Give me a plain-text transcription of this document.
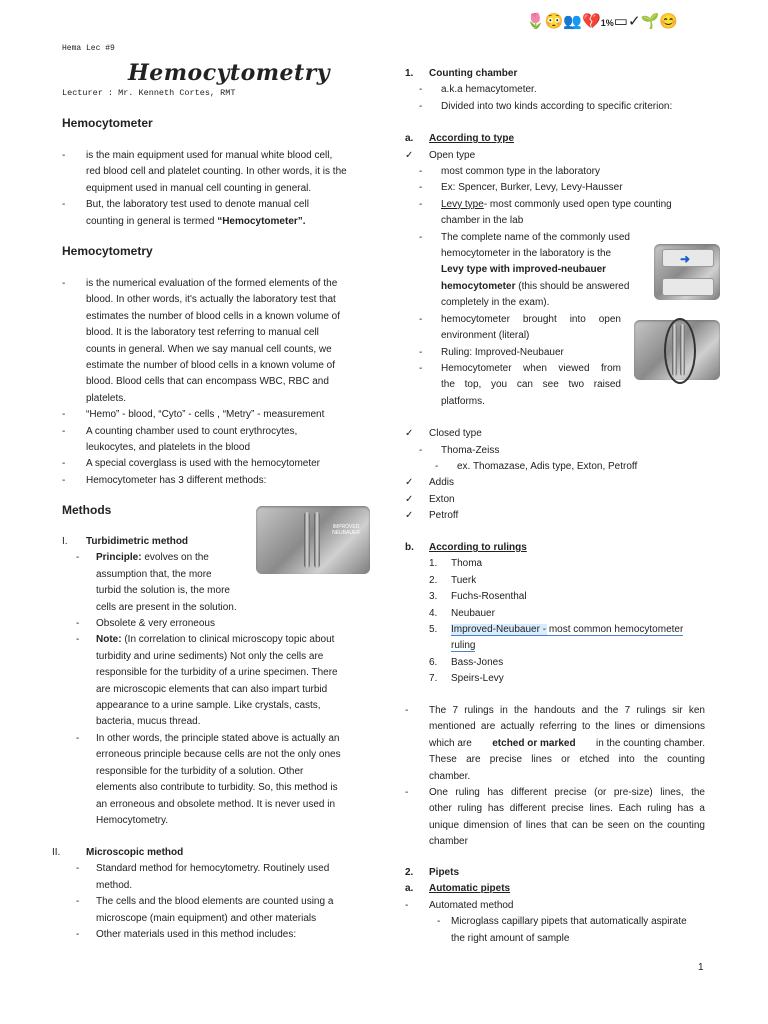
🌷😳👥💔1%▭✓🌱😊
Hema Lec #9
Hemocytometry
Lecturer : Mr. Kenneth Cortes, RMT
Hemocytometer
- is the main equipment used for manual white blood cell,
red blood cell and platelet counting. In other words, it is the
equipment used in manual cell counting in general.
- But, the laboratory test used to denote manual cell
counting in general is termed “Hemocytometer”.
Hemocytometry
- is the numerical evaluation of the formed elements of the
blood. In other words, it's actually the laboratory test that
estimates the number of blood cells in a known volume of
blood. It is the laboratory test referring to manual cell
counts in general. When we say manual cell counts, we
estimate the number of blood cells in a known volume of
blood. Blood cells that can encompass WBC, RBC and
platelets.
- “Hemo” - blood, “Cyto” - cells , “Metry” - measurement
- A counting chamber used to count erythrocytes,
leukocytes, and platelets in the blood
- A special coverglass is used with the hemocytometer
- Hemocytometer has 3 different methods:
Methods
IMPROVED NEUBAUER
I. Turbidimetric method
- Principle: evolves on the
assumption that, the more
turbid the solution is, the more
cells are present in the solution.
- Obsolete & very erroneous
- Note: (In correlation to clinical microscopy topic about
turbidity and urine sediments) Not only the cells are
responsible for the turbidity of a urine specimen. There
are microscopic elements that can also impart turbid
appearance to a urine sample. Like crystals, casts,
bacteria, mucus thread.
- In other words, the principle stated above is actually an
erroneous principle because cells are not the only ones
responsible for the turbidity of a solution. Other
elements also contribute to turbidity. So, this method is
an erroneous and obsolete method. It is never used in
Hemocytometry.
II.	Microscopic method
- Standard method for hemocytometry. Routinely used
method.
- The cells and the blood elements are counted using a
microscope (main equipment) and other materials
- Other materials used in this method includes:
1. Counting chamber
- a.k.a hemacytometer.
- Divided into two kinds according to specific criterion:
a. According to type
✓ Open type
- most common type in the laboratory
- Ex: Spencer, Burker, Levy, Levy-Hausser
- Levy type- most commonly used open type counting
chamber in the lab
- The complete name of the commonly used
hemocytometer in the laboratory is the
Levy type with improved-neubauer
hemocytometer (this should be answered
completely in the exam).
- hemocytometer brought into open
environment (literal)
- Ruling: Improved-Neubauer
- Hemocytometer when viewed from
the top, you can see two raised
platforms.
✓ Closed type
- Thoma-Zeiss
- ex. Thomazase, Adis type, Exton, Petroff
✓ Addis
✓ Exton
✓ Petroff
➜
b. According to rulings
1. Thoma
2. Tuerk
3. Fuchs-Rosenthal
4. Neubauer
5. Improved-Neubauer - most common hemocytometer
ruling
6. Bass-Jones
7. Speirs-Levy
- The 7 rulings in the handouts and the 7 rulings sir ken
mentioned are actually referring to the lines or dimensions
which are etched or marked in the counting chamber.
These are precise lines or etched into the counting
chamber.
- One ruling has different precise (or pre-size) lines, the
other ruling has different precise lines. Each ruling has a
unique dimension of lines that can be seen on the counting
chamber
2. Pipets
a. Automatic pipets
- Automated method
- Microglass capillary pipets that automatically aspirate
the right amount of sample
1
